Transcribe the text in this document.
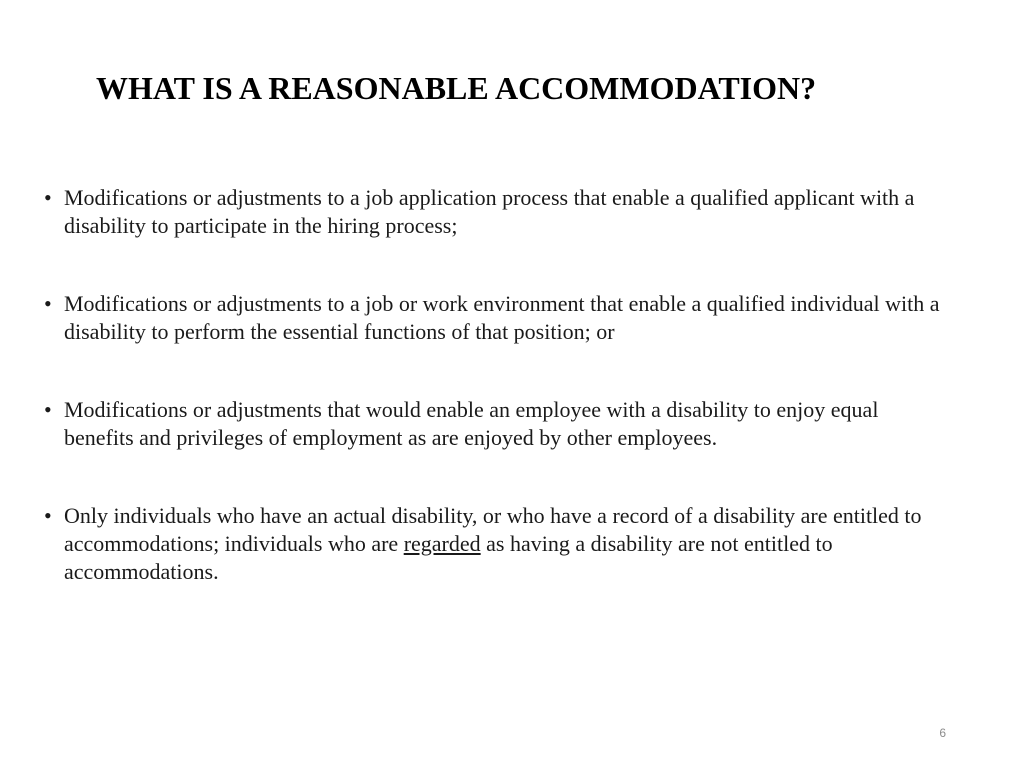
WHAT IS A REASONABLE ACCOMMODATION?
• Modifications or adjustments to a job application process that enable a qualified applicant with a disability to participate in the hiring process;
• Modifications or adjustments to a job or work environment that enable a qualified individual with a disability to perform the essential functions of that position; or
• Modifications or adjustments that would enable an employee with a disability to enjoy equal benefits and privileges of employment as are enjoyed by other employees.
• Only individuals who have an actual disability, or who have a record of a disability are entitled to accommodations; individuals who are regarded as having a disability are not entitled to accommodations.
6
